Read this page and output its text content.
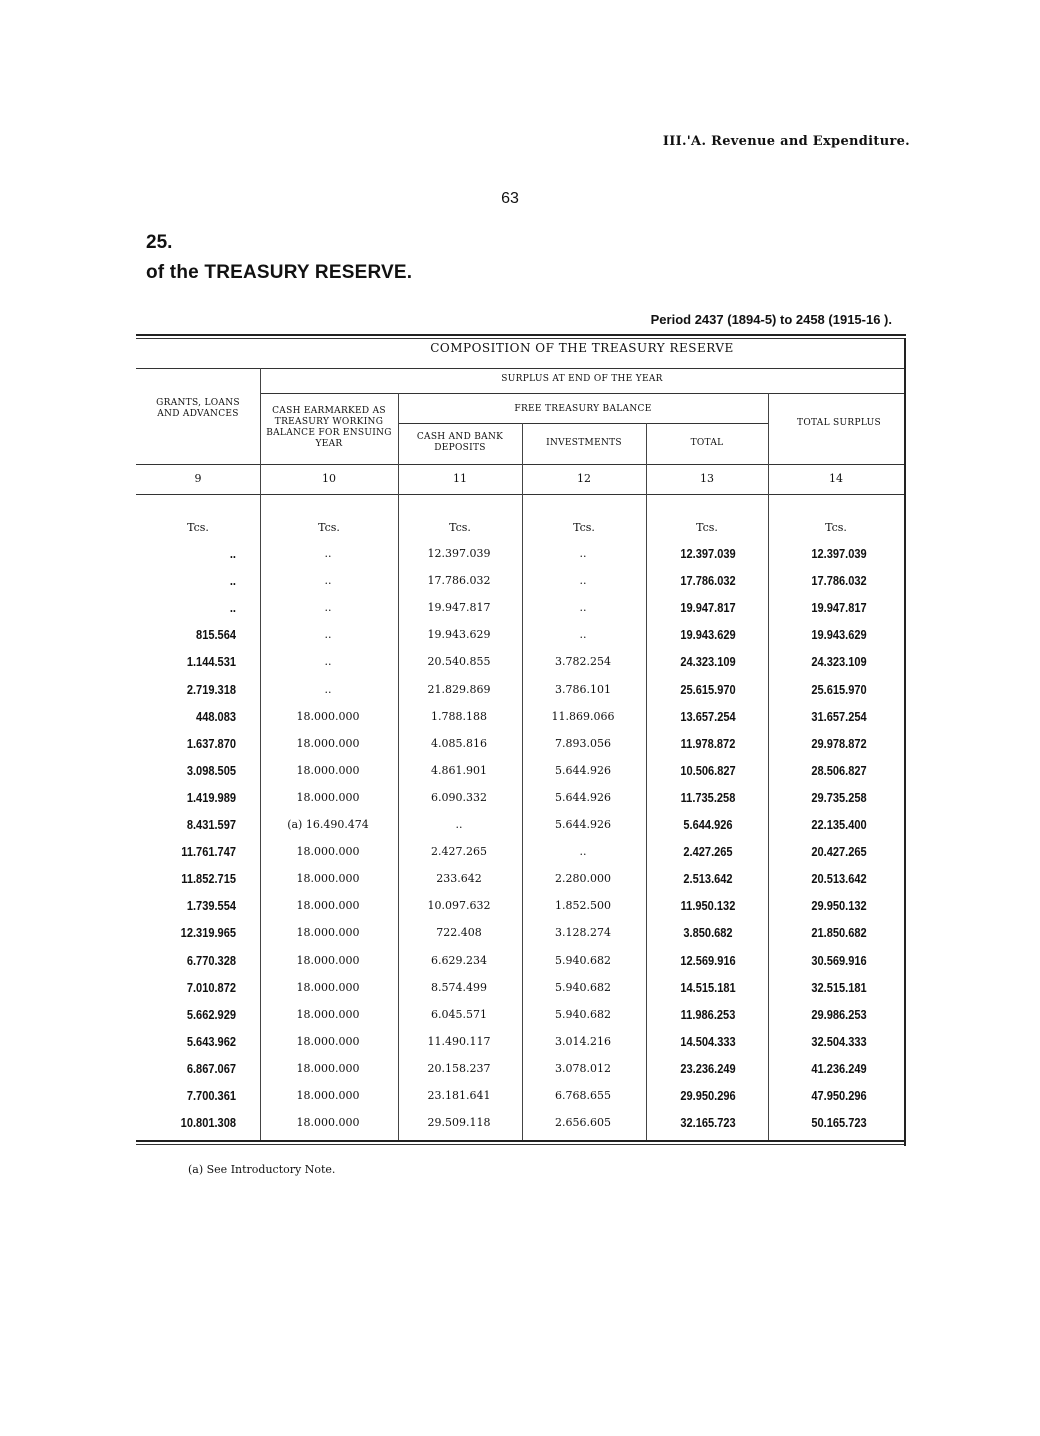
III.'A. Revenue and Expenditure.
63
25.
of the TREASURY RESERVE.
Period 2437 (1894-5) to 2458 (1915-16 ).
COMPOSITION OF THE TREASURY RESERVE
SURPLUS AT END OF THE YEAR
FREE TREASURY BALANCE
GRANTS, LOANS AND ADVANCES	CASH EARMARKED AS TREASURY WORKING BALANCE FOR ENSUING YEAR
CASH AND BANK DEPOSITS	INVESTMENTS	TOTAL
TOTAL SURPLUS
9	10	11	12	13	14
Tcs.	Tcs.	Tcs.	Tcs.	Tcs.	Tcs.
..	..	12.397.039	..	12.397.039	12.397.039
..	..	17.786.032	..	17.786.032	17.786.032
..	..	19.947.817	..	19.947.817	19.947.817
815.564	..	19.943.629	..	19.943.629	19.943.629
1.144.531	..	20.540.855	3.782.254	24.323.109	24.323.109
2.719.318	..	21.829.869	3.786.101	25.615.970	25.615.970
448.083	18.000.000	1.788.188	11.869.066	13.657.254	31.657.254
1.637.870	18.000.000	4.085.816	7.893.056	11.978.872	29.978.872
3.098.505	18.000.000	4.861.901	5.644.926	10.506.827	28.506.827
1.419.989	18.000.000	6.090.332	5.644.926	11.735.258	29.735.258
8.431.597	(a) 16.490.474	..	5.644.926	5.644.926	22.135.400
11.761.747	18.000.000	2.427.265	..	2.427.265	20.427.265
11.852.715	18.000.000	233.642	2.280.000	2.513.642	20.513.642
1.739.554	18.000.000	10.097.632	1.852.500	11.950.132	29.950.132
12.319.965	18.000.000	722.408	3.128.274	3.850.682	21.850.682
6.770.328	18.000.000	6.629.234	5.940.682	12.569.916	30.569.916
7.010.872	18.000.000	8.574.499	5.940.682	14.515.181	32.515.181
5.662.929	18.000.000	6.045.571	5.940.682	11.986.253	29.986.253
5.643.962	18.000.000	11.490.117	3.014.216	14.504.333	32.504.333
6.867.067	18.000.000	20.158.237	3.078.012	23.236.249	41.236.249
7.700.361	18.000.000	23.181.641	6.768.655	29.950.296	47.950.296
10.801.308	18.000.000	29.509.118	2.656.605	32.165.723	50.165.723
(a) See Introductory Note.
